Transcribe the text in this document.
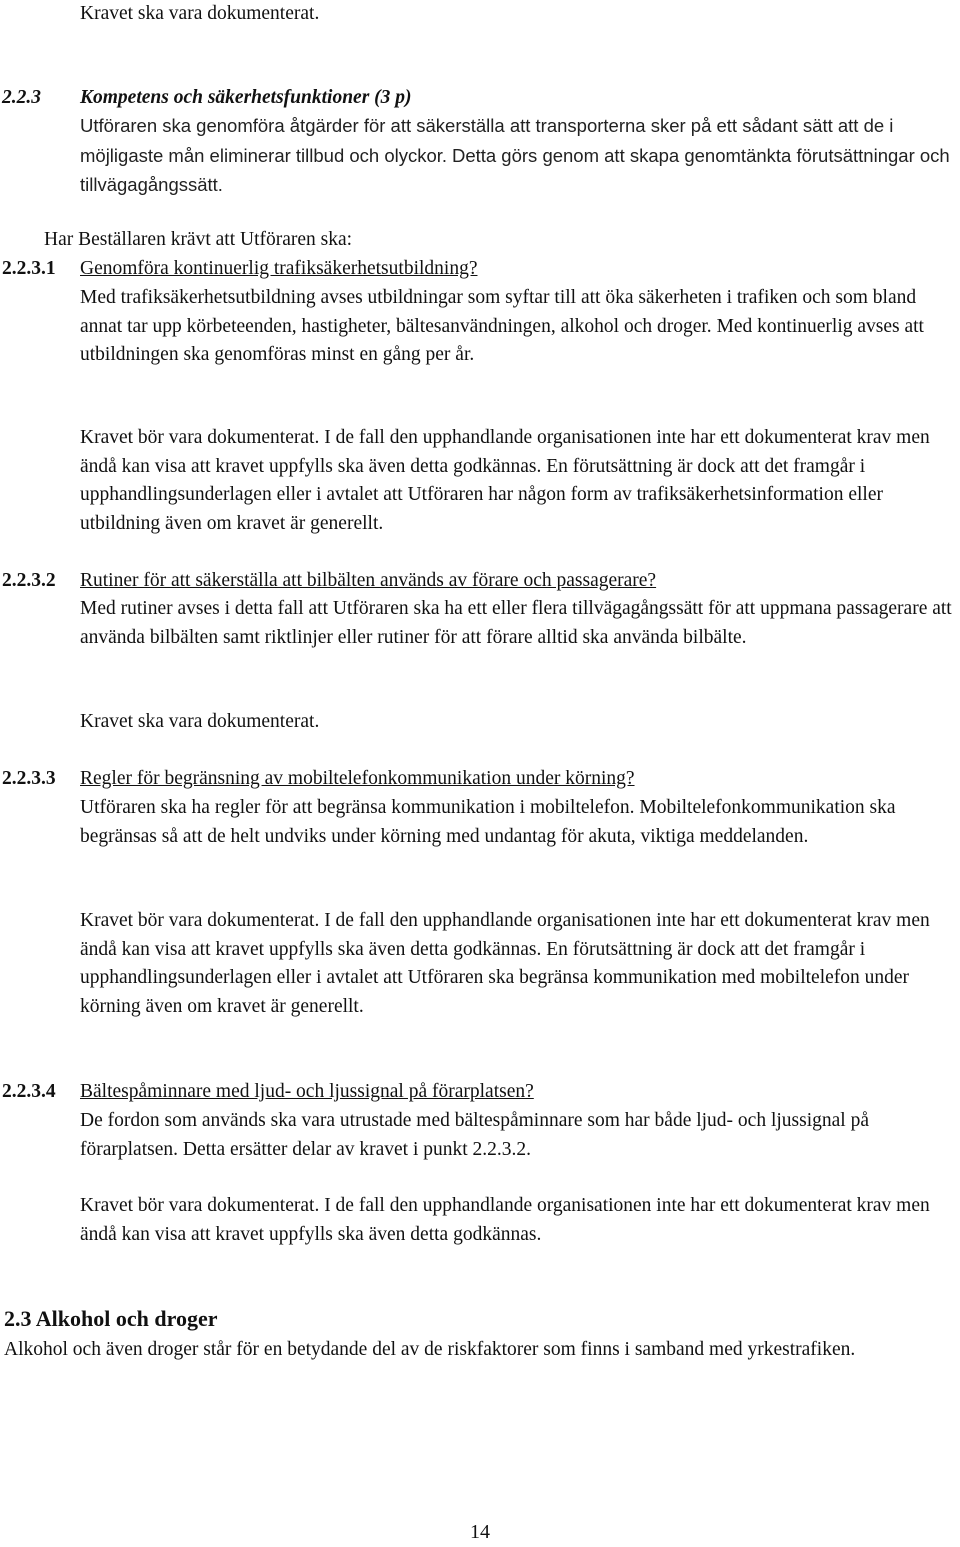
Kravet ska vara dokumenterat.

2.2.3 Kompetens och säkerhetsfunktioner (3 p)
Utföraren ska genomföra åtgärder för att säkerställa att transporterna sker på ett sådant sätt att de i möjligaste mån eliminerar tillbud och olyckor. Detta görs genom att skapa genomtänkta förutsättningar och tillvägagångssätt.

Har Beställaren krävt att Utföraren ska:

2.2.3.1 Genomföra kontinuerlig trafiksäkerhetsutbildning?
Med trafiksäkerhetsutbildning avses utbildningar som syftar till att öka säkerheten i trafiken och som bland annat tar upp körbeteenden, hastigheter, bältesanvändningen, alkohol och droger. Med kontinuerlig avses att utbildningen ska genomföras minst en gång per år.
Kravet bör vara dokumenterat. I de fall den upphandlande organisationen inte har ett dokumenterat krav men ändå kan visa att kravet uppfylls ska även detta godkännas. En förutsättning är dock att det framgår i upphandlingsunderlagen eller i avtalet att Utföraren har någon form av trafiksäkerhetsinformation eller utbildning även om kravet är generellt.
2.2.3.2 Rutiner för att säkerställa att bilbälten används av förare och passagerare?

Med rutiner avses i detta fall att Utföraren ska ha ett eller flera tillvägagångssätt för att uppmana passagerare att använda bilbälten samt riktlinjer eller rutiner för att förare alltid ska använda bilbälte.

Kravet ska vara dokumenterat.

2.2.3.3 Regler för begränsning av mobiltelefonkommunikation under körning?

Utföraren ska ha regler för att begränsa kommunikation i mobiltelefon. Mobiltelefonkommunikation ska begränsas så att de helt undviks under körning med undantag för akuta, viktiga meddelanden.

Kravet bör vara dokumenterat. I de fall den upphandlande organisationen inte har ett dokumenterat krav men ändå kan visa att kravet uppfylls ska även detta godkännas. En förutsättning är dock att det framgår i upphandlingsunderlagen eller i avtalet att Utföraren ska begränsa kommunikation med mobiltelefon under körning även om kravet är generellt.

2.2.3.4 Bältespåminnare med ljud- och ljussignal på förarplatsen?

De fordon som används ska vara utrustade med bältespåminnare som har både ljud- och ljussignal på förarplatsen. Detta ersätter delar av kravet i punkt 2.2.3.2.

Kravet bör vara dokumenterat. I de fall den upphandlande organisationen inte har ett dokumenterat krav men ändå kan visa att kravet uppfylls ska även detta godkännas.

2.3 Alkohol och droger

Alkohol och även droger står för en betydande del av de riskfaktorer som finns i samband med yrkestrafiken.

14
